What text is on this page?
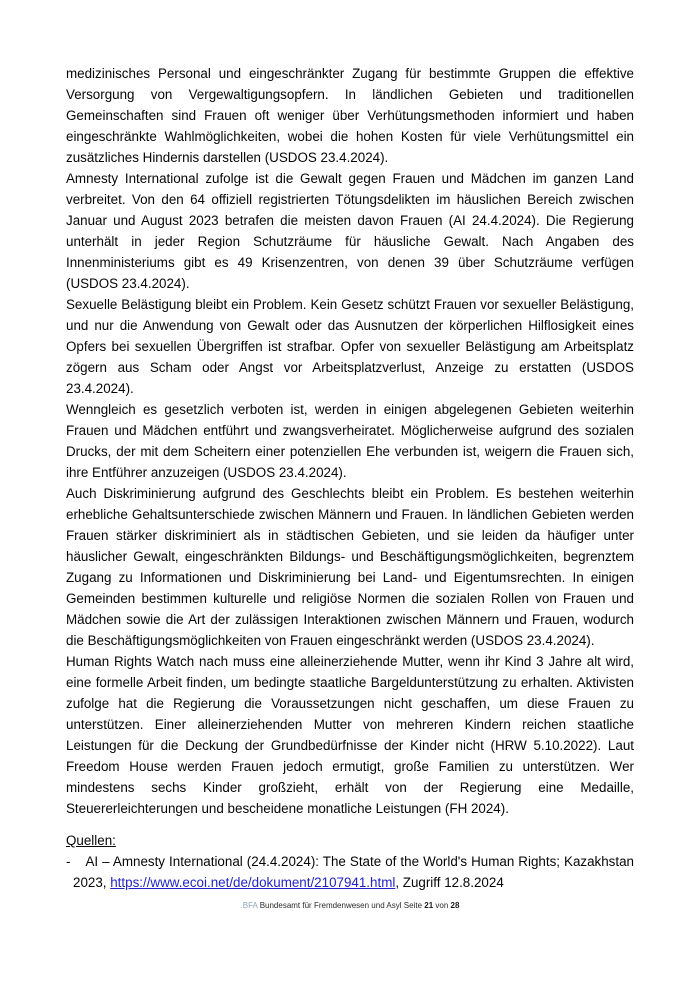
medizinisches Personal und eingeschränkter Zugang für bestimmte Gruppen die effektive Versorgung von Vergewaltigungsopfern. In ländlichen Gebieten und traditionellen Gemeinschaften sind Frauen oft weniger über Verhütungsmethoden informiert und haben eingeschränkte Wahlmöglichkeiten, wobei die hohen Kosten für viele Verhütungsmittel ein zusätzliches Hindernis darstellen (USDOS 23.4.2024).

Amnesty International zufolge ist die Gewalt gegen Frauen und Mädchen im ganzen Land verbreitet. Von den 64 offiziell registrierten Tötungsdelikten im häuslichen Bereich zwischen Januar und August 2023 betrafen die meisten davon Frauen (AI 24.4.2024). Die Regierung unterhält in jeder Region Schutzräume für häusliche Gewalt. Nach Angaben des Innenministeriums gibt es 49 Krisenzentren, von denen 39 über Schutzräume verfügen (USDOS 23.4.2024).

Sexuelle Belästigung bleibt ein Problem. Kein Gesetz schützt Frauen vor sexueller Belästigung, und nur die Anwendung von Gewalt oder das Ausnutzen der körperlichen Hilflosigkeit eines Opfers bei sexuellen Übergriffen ist strafbar. Opfer von sexueller Belästigung am Arbeitsplatz zögern aus Scham oder Angst vor Arbeitsplatzverlust, Anzeige zu erstatten (USDOS 23.4.2024).

Wenngleich es gesetzlich verboten ist, werden in einigen abgelegenen Gebieten weiterhin Frauen und Mädchen entführt und zwangsverheiratet. Möglicherweise aufgrund des sozialen Drucks, der mit dem Scheitern einer potenziellen Ehe verbunden ist, weigern die Frauen sich, ihre Entführer anzuzeigen (USDOS 23.4.2024).

Auch Diskriminierung aufgrund des Geschlechts bleibt ein Problem. Es bestehen weiterhin erhebliche Gehaltsunterschiede zwischen Männern und Frauen. In ländlichen Gebieten werden Frauen stärker diskriminiert als in städtischen Gebieten, und sie leiden da häufiger unter häuslicher Gewalt, eingeschränkten Bildungs- und Beschäftigungsmöglichkeiten, begrenztem Zugang zu Informationen und Diskriminierung bei Land- und Eigentumsrechten. In einigen Gemeinden bestimmen kulturelle und religiöse Normen die sozialen Rollen von Frauen und Mädchen sowie die Art der zulässigen Interaktionen zwischen Männern und Frauen, wodurch die Beschäftigungsmöglichkeiten von Frauen eingeschränkt werden (USDOS 23.4.2024).

Human Rights Watch nach muss eine alleinerziehende Mutter, wenn ihr Kind 3 Jahre alt wird, eine formelle Arbeit finden, um bedingte staatliche Bargeldunterstützung zu erhalten. Aktivisten zufolge hat die Regierung die Voraussetzungen nicht geschaffen, um diese Frauen zu unterstützen. Einer alleinerziehenden Mutter von mehreren Kindern reichen staatliche Leistungen für die Deckung der Grundbedürfnisse der Kinder nicht (HRW 5.10.2022). Laut Freedom House werden Frauen jedoch ermutigt, große Familien zu unterstützen. Wer mindestens sechs Kinder großzieht, erhält von der Regierung eine Medaille, Steuererleichterungen und bescheidene monatliche Leistungen (FH 2024).

Quellen:

- AI – Amnesty International (24.4.2024): The State of the World's Human Rights; Kazakhstan 2023, https://www.ecoi.net/de/dokument/2107941.html, Zugriff 12.8.2024
.BFA Bundesamt für Fremdenwesen und Asyl Seite 21 von 28
